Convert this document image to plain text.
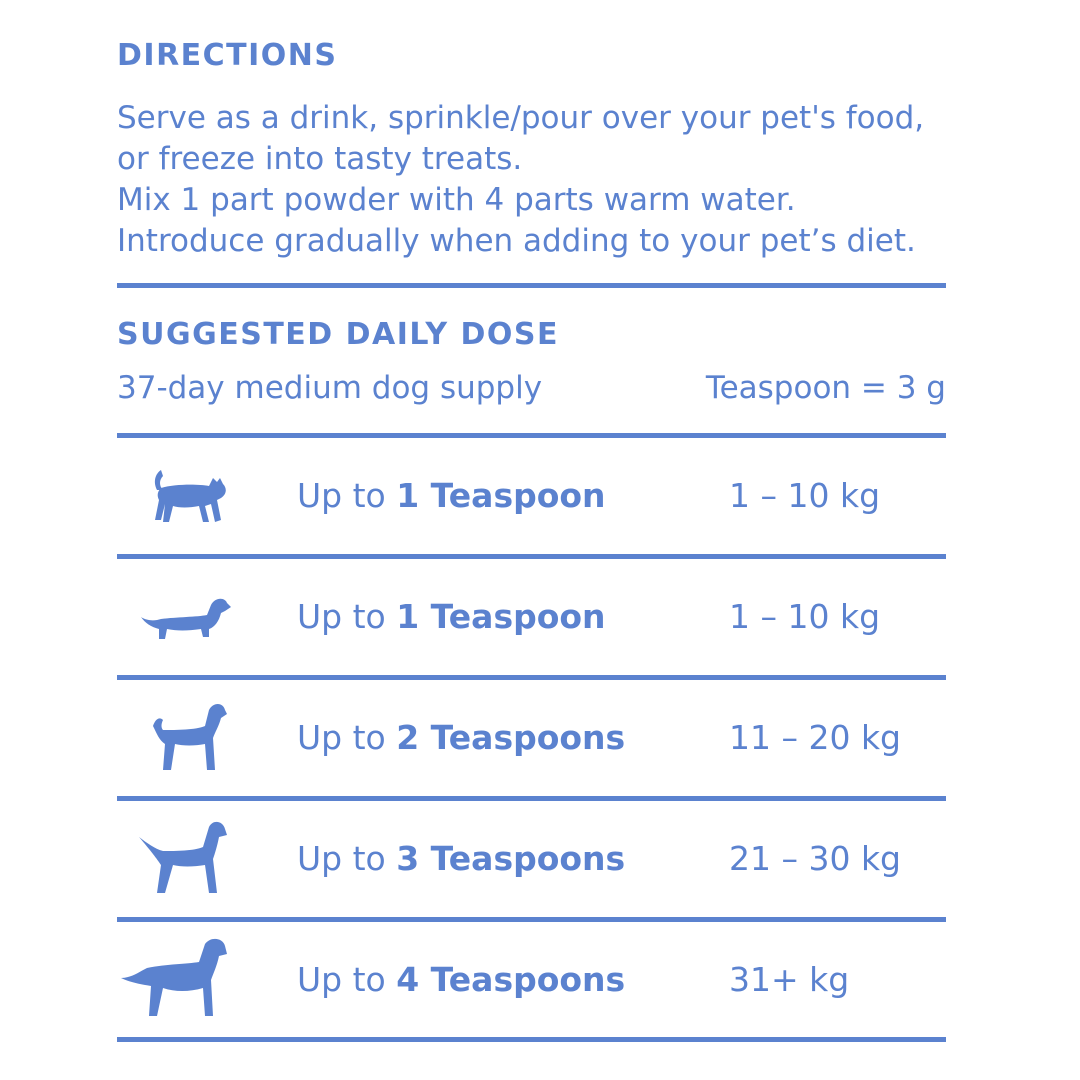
DIRECTIONS

Serve as a drink, sprinkle/pour over your pet's food,
or freeze into tasty treats.
Mix 1 part powder with 4 parts warm water.
Introduce gradually when adding to your pet’s diet.

SUGGESTED DAILY DOSE
37-day medium dog supply	Teaspoon = 3 g
Up to 1 Teaspoon	1 – 10 kg
Up to 1 Teaspoon	1 – 10 kg
Up to 2 Teaspoons	11 – 20 kg
Up to 3 Teaspoons	21 – 30 kg
Up to 4 Teaspoons	31+ kg
